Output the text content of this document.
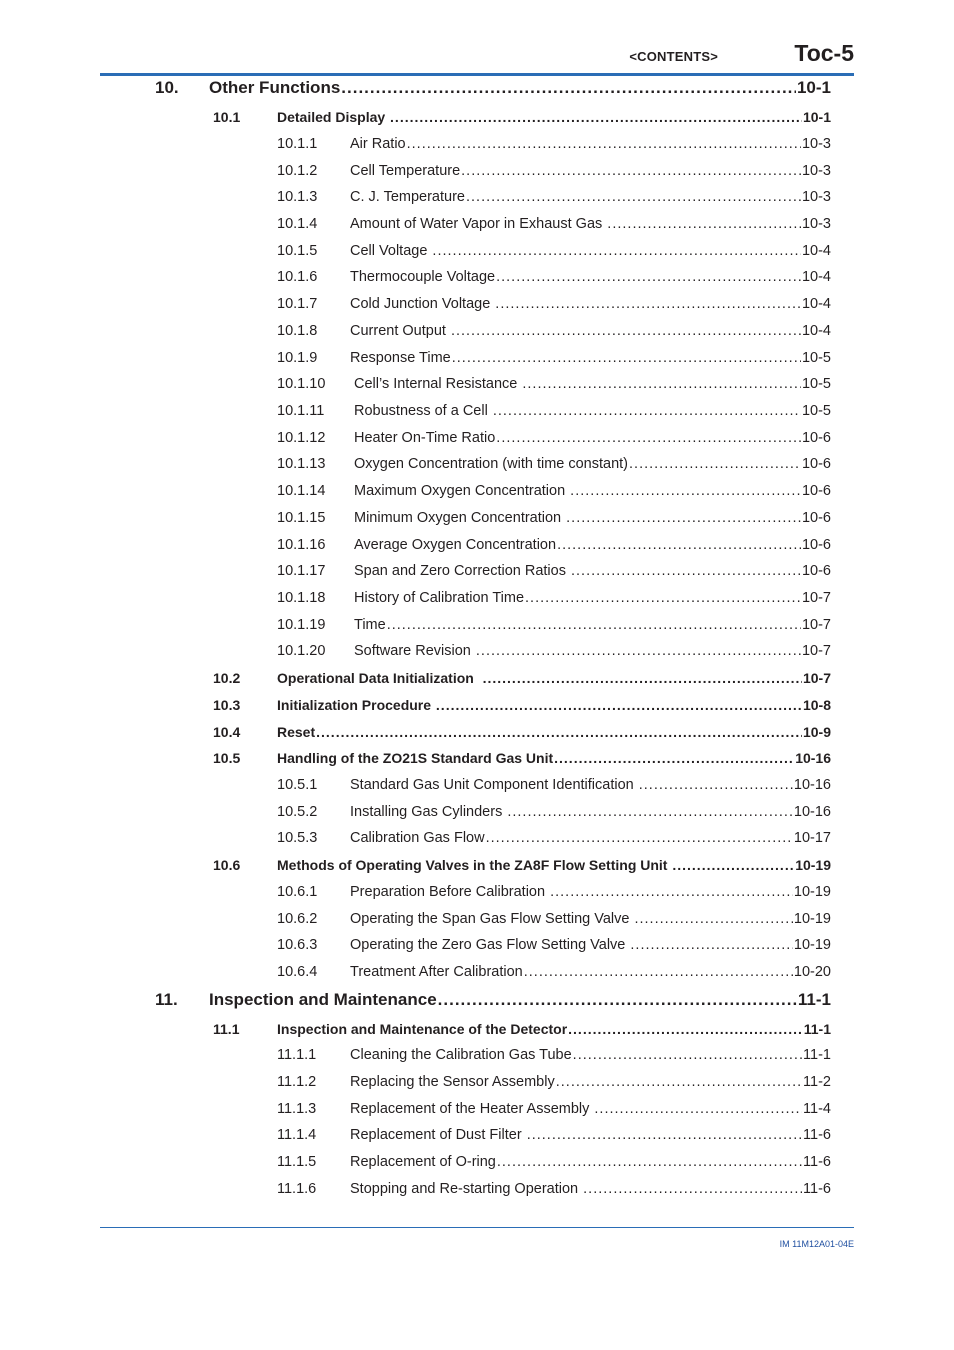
<CONTENTS>	Toc-5
10.	Other Functions .....	10-1
10.1	Detailed Display .....	10-1
10.1.1	Air Ratio .....	10-3
10.1.2	Cell Temperature .....	10-3
10.1.3	C. J. Temperature .....	10-3
10.1.4	Amount of Water Vapor in Exhaust Gas .....	10-3
10.1.5	Cell Voltage .....	10-4
10.1.6	Thermocouple Voltage .....	10-4
10.1.7	Cold Junction Voltage .....	10-4
10.1.8	Current Output .....	10-4
10.1.9	Response Time .....	10-5
10.1.10	Cell’s Internal Resistance .....	10-5
10.1.11	Robustness of a Cell .....	10-5
10.1.12	Heater On-Time Ratio .....	10-6
10.1.13	Oxygen Concentration (with time constant) .....	10-6
10.1.14	Maximum Oxygen Concentration .....	10-6
10.1.15	Minimum Oxygen Concentration .....	10-6
10.1.16	Average Oxygen Concentration .....	10-6
10.1.17	Span and Zero Correction Ratios .....	10-6
10.1.18	History of Calibration Time .....	10-7
10.1.19	Time .....	10-7
10.1.20	Software Revision .....	10-7
10.2	Operational Data Initialization .....	10-7
10.3	Initialization Procedure .....	10-8
10.4	Reset .....	10-9
10.5	Handling of the ZO21S Standard Gas Unit .....	10-16
10.5.1	Standard Gas Unit Component Identification .....	10-16
10.5.2	Installing Gas Cylinders .....	10-16
10.5.3	Calibration Gas Flow .....	10-17
10.6	Methods of Operating Valves in the ZA8F Flow Setting Unit .....	10-19
10.6.1	Preparation Before Calibration .....	10-19
10.6.2	Operating the Span Gas Flow Setting Valve .....	10-19
10.6.3	Operating the Zero Gas Flow Setting Valve .....	10-19
10.6.4	Treatment After Calibration .....	10-20
11.	Inspection and Maintenance .....	11-1
11.1	Inspection and Maintenance of the Detector .....	11-1
11.1.1	Cleaning the Calibration Gas Tube .....	11-1
11.1.2	Replacing the Sensor Assembly .....	11-2
11.1.3	Replacement of the Heater Assembly .....	11-4
11.1.4	Replacement of Dust Filter .....	11-6
11.1.5	Replacement of O-ring .....	11-6
11.1.6	Stopping and Re-starting Operation .....	11-6
IM 11M12A01-04E
